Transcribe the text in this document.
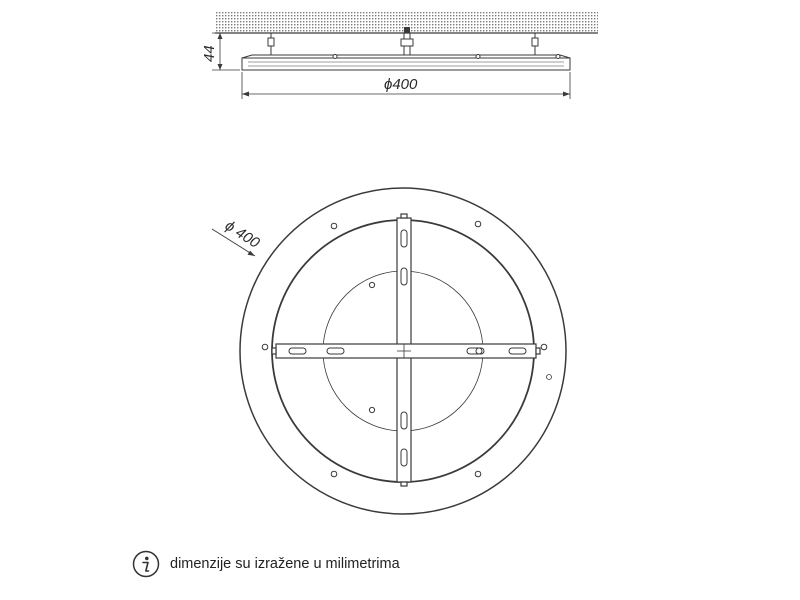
44
ϕ400
ϕ 400
dimenzije su izražene u milimetrima
